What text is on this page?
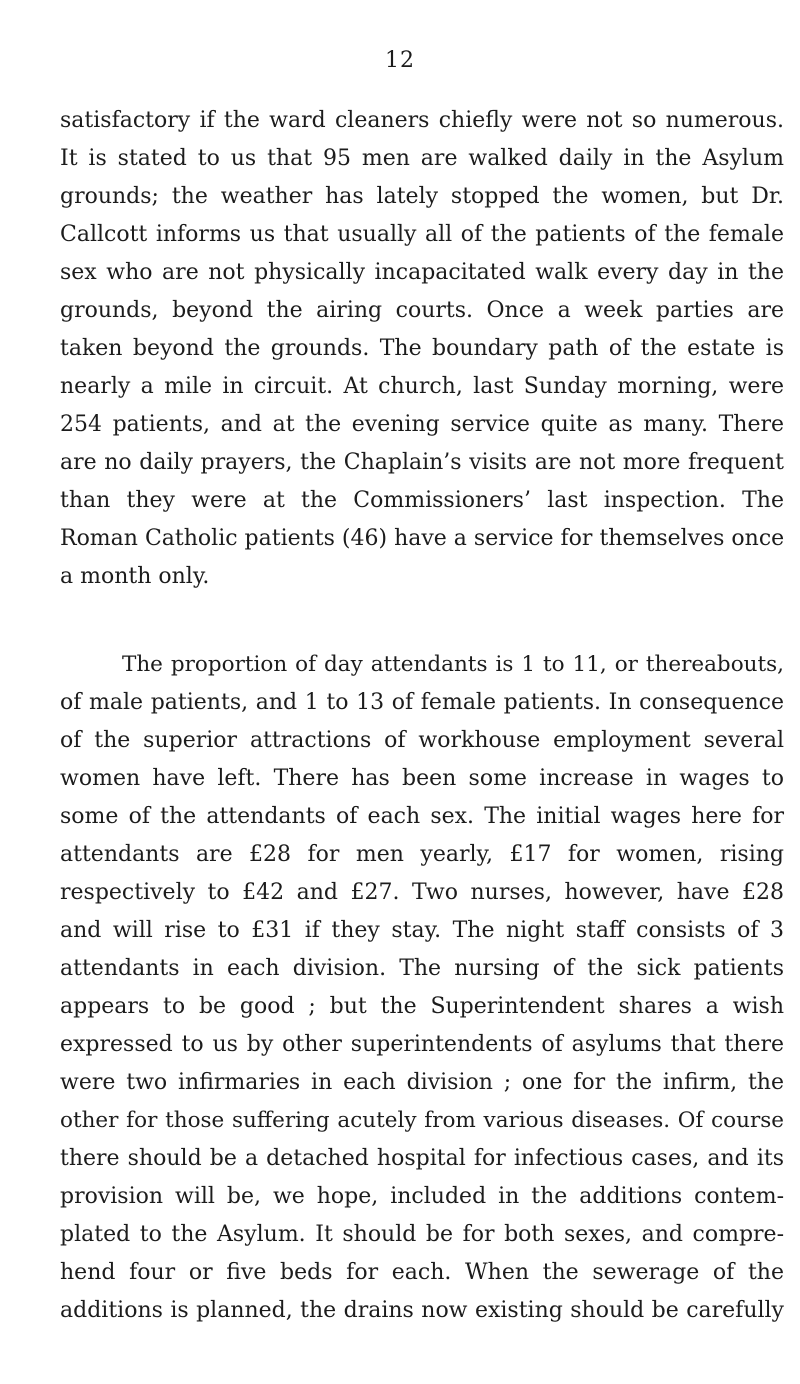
12
satisfactory if the ward cleaners chiefly were not so numerous.
It is stated to us that 95 men are walked daily in the Asylum
grounds; the weather has lately stopped the women, but Dr.
Callcott informs us that usually all of the patients of the female
sex who are not physically incapacitated walk every day in the
grounds, beyond the airing courts. Once a week parties are
taken beyond the grounds. The boundary path of the estate is
nearly a mile in circuit. At church, last Sunday morning, were
254 patients, and at the evening service quite as many. There
are no daily prayers, the Chaplain’s visits are not more frequent
than they were at the Commissioners’ last inspection. The
Roman Catholic patients (46) have a service for themselves once
a month only.
The proportion of day attendants is 1 to 11, or thereabouts,
of male patients, and 1 to 13 of female patients. In consequence
of the superior attractions of workhouse employment several
women have left. There has been some increase in wages to
some of the attendants of each sex. The initial wages here for
attendants are £28 for men yearly, £17 for women, rising
respectively to £42 and £27. Two nurses, however, have £28
and will rise to £31 if they stay. The night staff consists of 3
attendants in each division. The nursing of the sick patients
appears to be good ; but the Superintendent shares a wish
expressed to us by other superintendents of asylums that there
were two infirmaries in each division ; one for the infirm, the
other for those suffering acutely from various diseases. Of course
there should be a detached hospital for infectious cases, and its
provision will be, we hope, included in the additions contem-
plated to the Asylum. It should be for both sexes, and compre-
hend four or five beds for each. When the sewerage of the
additions is planned, the drains now existing should be carefully
